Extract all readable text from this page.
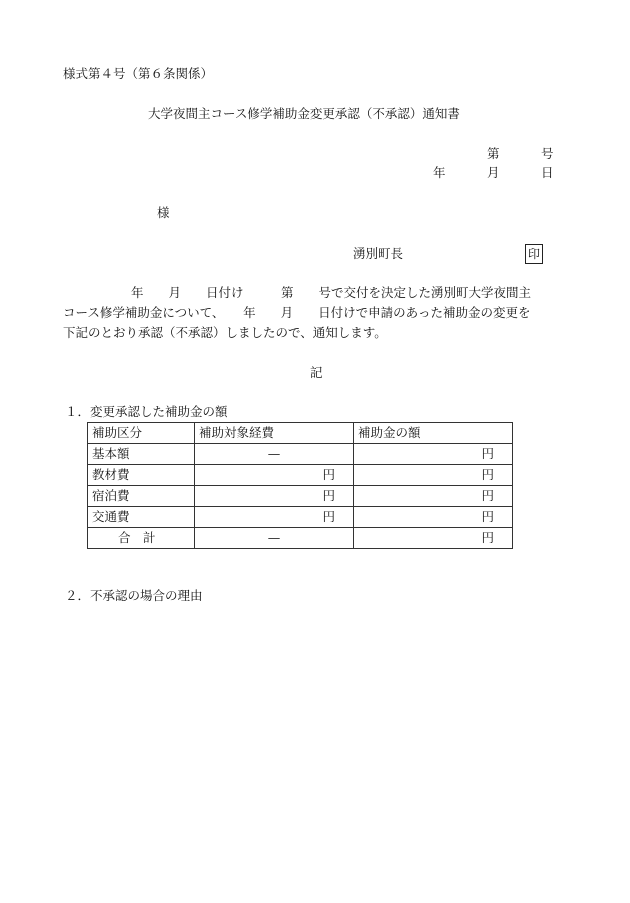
様式第４号（第６条関係）
大学夜間主コース修学補助金変更承認（不承認）通知書
第	号
年	月	日
様
湧別町長	印
年　　月　　日付け　　　第　　号で交付を決定した湧別町大学夜間主
コース修学補助金について、　　年　　月　　日付けで申請のあった補助金の変更を
下記のとおり承認（不承認）しましたので、通知します。
記
１．変更承認した補助金の額
補助区分	補助対象経費	補助金の額
基本額	—	円
教材費	円	円
宿泊費	円	円
交通費	円	円
合　計	—	円
２．不承認の場合の理由
